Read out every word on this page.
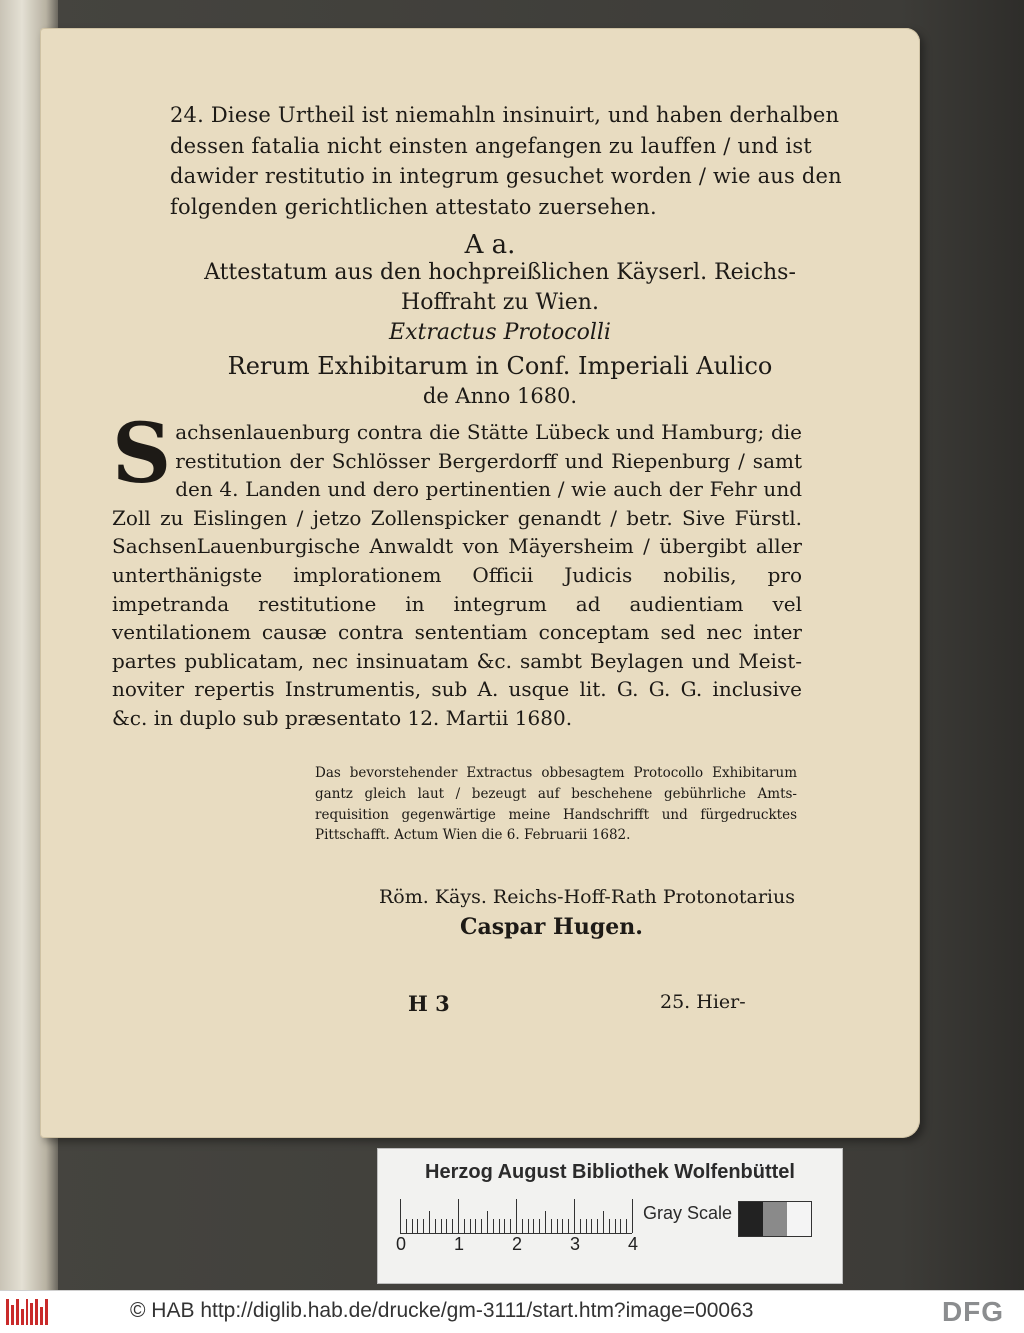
24. Diese Urtheil ist niemahln insinuirt, und haben derhalben dessen fatalia nicht einsten angefangen zu lauffen / und ist dawider restitutio in integrum gesuchet worden / wie aus den folgenden gerichtlichen attestato zuersehen.
A a.
Attestatum aus den hochpreißlichen Käyserl. Reichs-Hoffraht zu Wien.
Extractus Protocolli
Rerum Exhibitarum in Conf. Imperiali Aulico
de Anno 1680.
S achsenlauenburg contra die Stätte Lübeck und Hamburg; die restitution der Schlösser Bergerdorff und Riepenburg / samt den 4. Landen und dero pertinentien / wie auch der Fehr und Zoll zu Eislingen / jetzo Zollenspicker genandt / betr. Sive Fürstl. SachsenLauenburgische Anwaldt von Mäyersheim / übergibt aller unterthänigste implorationem Officii Judicis nobilis, pro impetranda restitutione in integrum ad audientiam vel ventilationem causæ contra sententiam conceptam sed nec inter partes publicatam, nec insinuatam &c. sambt Beylagen und Meist-noviter repertis Instrumentis, sub A. usque lit. G. G. G. inclusive &c. in duplo sub præsentato 12. Martii 1680.
Das bevorstehender Extractus obbesagtem Protocollo Exhibitarum gantz gleich laut / bezeugt auf beschehene gebührliche Amts-requisition gegenwärtige meine Handschrifft und fürgedrucktes Pittschafft. Actum Wien die 6. Februarii 1682.
Röm. Käys. Reichs-Hoff-Rath Protonotarius
Caspar Hugen.
H 3	25. Hier-
Herzog August Bibliothek Wolfenbüttel
Gray Scale
0	1	2	3	4
© HAB http://diglib.hab.de/drucke/gm-3111/start.htm?image=00063	DFG
